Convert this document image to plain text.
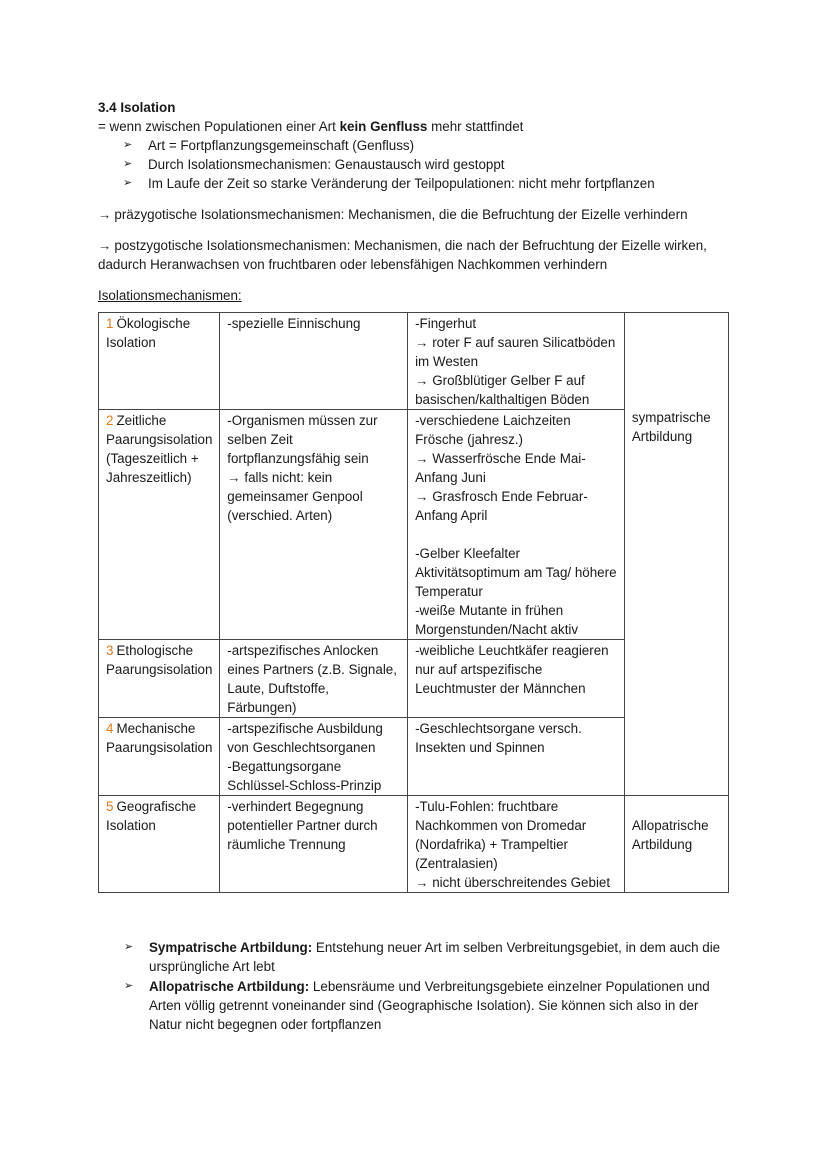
3.4 Isolation

= wenn zwischen Populationen einer Art kein Genfluss mehr stattfindet

➢ Art = Fortpflanzungsgemeinschaft (Genfluss)
➢ Durch Isolationsmechanismen: Genaustausch wird gestoppt
➢ Im Laufe der Zeit so starke Veränderung der Teilpopulationen: nicht mehr fortpflanzen

→ präzygotische Isolationsmechanismen: Mechanismen, die die Befruchtung der Eizelle verhindern

→ postzygotische Isolationsmechanismen: Mechanismen, die nach der Befruchtung der Eizelle wirken, dadurch Heranwachsen von fruchtbaren oder lebensfähigen Nachkommen verhindern

Isolationsmechanismen:

1 Ökologische Isolation	-spezielle Einnischung	-Fingerhut
→ roter F auf sauren Silicatböden im Westen
→ Großblütiger Gelber F auf basischen/kalthaltigen Böden	sympatrische Artbildung
2 Zeitliche Paarungsisolation (Tageszeitlich + Jahreszeitlich)	-Organismen müssen zur selben Zeit fortpflanzungsfähig sein
→ falls nicht: kein gemeinsamer Genpool (verschied. Arten)	-verschiedene Laichzeiten Frösche (jahresz.)
→ Wasserfrösche Ende Mai-Anfang Juni
→ Grasfrosch Ende Februar-Anfang April
-Gelber Kleefalter Aktivitätsoptimum am Tag/ höhere Temperatur
-weiße Mutante in frühen Morgenstunden/Nacht aktiv	

3 Ethologische Paarungsisolation	-artspezifisches Anlocken eines Partners (z.B. Signale, Laute, Duftstoffe, Färbungen)	-weibliche Leuchtkäfer reagieren nur auf artspezifische Leuchtmuster der Männchen	

4 Mechanische Paarungsisolation	-artspezifische Ausbildung von Geschlechtsorganen
-Begattungsorgane Schlüssel-Schloss-Prinzip	-Geschlechtsorgane versch. Insekten und Spinnen	

5 Geografische Isolation	-verhindert Begegnung potentieller Partner durch räumliche Trennung	-Tulu-Fohlen: fruchtbare Nachkommen von Dromedar (Nordafrika) + Trampeltier (Zentralasien)
→ nicht überschreitendes Gebiet	Allopatrische Artbildung
➢ Sympatrische Artbildung: Entstehung neuer Art im selben Verbreitungsgebiet, in dem auch die ursprüngliche Art lebt
➢ Allopatrische Artbildung: Lebensräume und Verbreitungsgebiete einzelner Populationen und Arten völlig getrennt voneinander sind (Geographische Isolation). Sie können sich also in der Natur nicht begegnen oder fortpflanzen
